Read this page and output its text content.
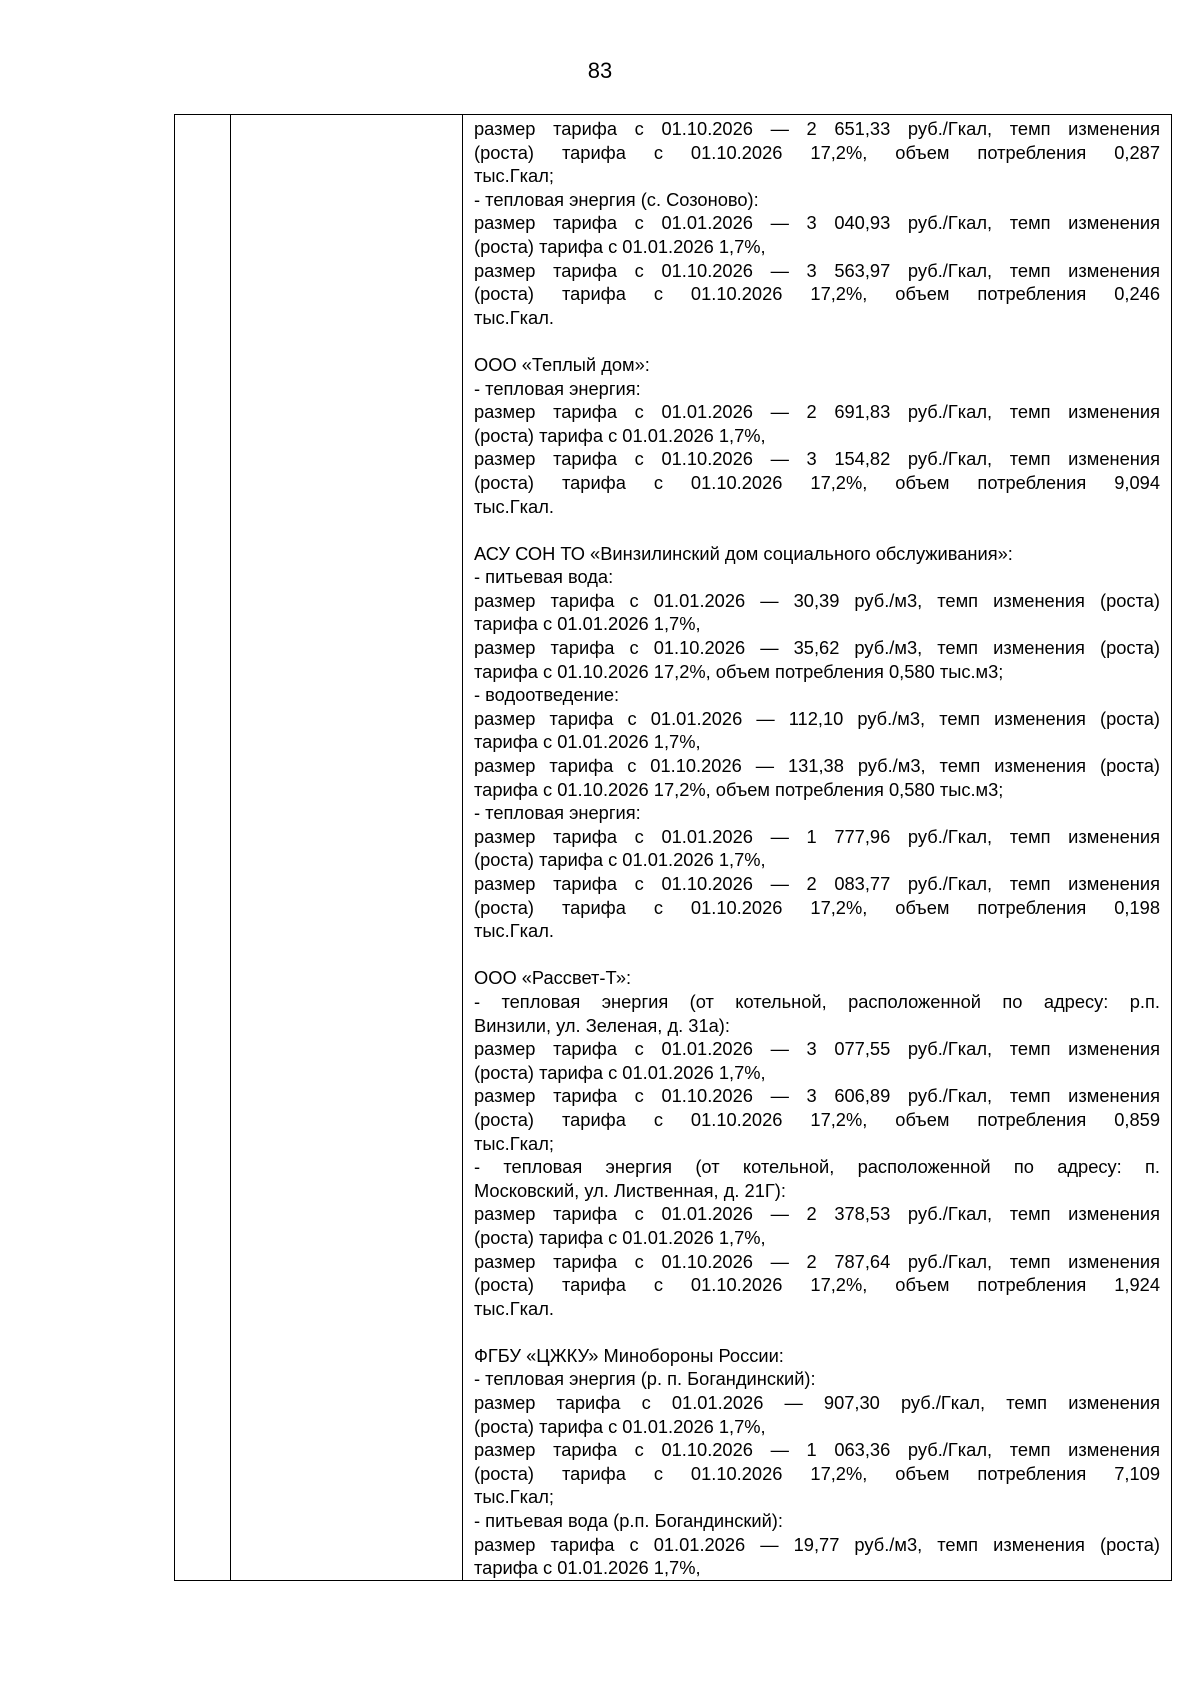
83

размер тарифа с 01.10.2026 — 2 651,33 руб./Гкал, темп изменения
(роста) тарифа с 01.10.2026 17,2%, объем потребления 0,287
тыс.Гкал;
- тепловая энергия (с. Созоново):
размер тарифа с 01.01.2026 — 3 040,93 руб./Гкал, темп изменения
(роста) тарифа с 01.01.2026 1,7%,
размер тарифа с 01.10.2026 — 3 563,97 руб./Гкал, темп изменения
(роста) тарифа с 01.10.2026 17,2%, объем потребления 0,246
тыс.Гкал.
ООО «Теплый дом»:
- тепловая энергия:
размер тарифа с 01.01.2026 — 2 691,83 руб./Гкал, темп изменения
(роста) тарифа с 01.01.2026 1,7%,
размер тарифа с 01.10.2026 — 3 154,82 руб./Гкал, темп изменения
(роста) тарифа с 01.10.2026 17,2%, объем потребления 9,094
тыс.Гкал.
АСУ СОН ТО «Винзилинский дом социального обслуживания»:
- питьевая вода:
размер тарифа с 01.01.2026 — 30,39 руб./м3, темп изменения (роста)
тарифа с 01.01.2026 1,7%,
размер тарифа с 01.10.2026 — 35,62 руб./м3, темп изменения (роста)
тарифа с 01.10.2026 17,2%, объем потребления 0,580 тыс.м3;
- водоотведение:
размер тарифа с 01.01.2026 — 112,10 руб./м3, темп изменения (роста)
тарифа с 01.01.2026 1,7%,
размер тарифа с 01.10.2026 — 131,38 руб./м3, темп изменения (роста)
тарифа с 01.10.2026 17,2%, объем потребления 0,580 тыс.м3;
- тепловая энергия:
размер тарифа с 01.01.2026 — 1 777,96 руб./Гкал, темп изменения
(роста) тарифа с 01.01.2026 1,7%,
размер тарифа с 01.10.2026 — 2 083,77 руб./Гкал, темп изменения
(роста) тарифа с 01.10.2026 17,2%, объем потребления 0,198
тыс.Гкал.
ООО «Рассвет-Т»:
- тепловая энергия (от котельной, расположенной по адресу: р.п.
Винзили, ул. Зеленая, д. 31а):
размер тарифа с 01.01.2026 — 3 077,55 руб./Гкал, темп изменения
(роста) тарифа с 01.01.2026 1,7%,
размер тарифа с 01.10.2026 — 3 606,89 руб./Гкал, темп изменения
(роста) тарифа с 01.10.2026 17,2%, объем потребления 0,859
тыс.Гкал;
- тепловая энергия (от котельной, расположенной по адресу: п.
Московский, ул. Лиственная, д. 21Г):
размер тарифа с 01.01.2026 — 2 378,53 руб./Гкал, темп изменения
(роста) тарифа с 01.01.2026 1,7%,
размер тарифа с 01.10.2026 — 2 787,64 руб./Гкал, темп изменения
(роста) тарифа с 01.10.2026 17,2%, объем потребления 1,924
тыс.Гкал.
ФГБУ «ЦЖКУ» Минобороны России:
- тепловая энергия (р. п. Богандинский):
размер тарифа с 01.01.2026 — 907,30 руб./Гкал, темп изменения
(роста) тарифа с 01.01.2026 1,7%,
размер тарифа с 01.10.2026 — 1 063,36 руб./Гкал, темп изменения
(роста) тарифа с 01.10.2026 17,2%, объем потребления 7,109
тыс.Гкал;
- питьевая вода (р.п. Богандинский):
размер тарифа с 01.01.2026 — 19,77 руб./м3, темп изменения (роста)
тарифа с 01.01.2026 1,7%,
